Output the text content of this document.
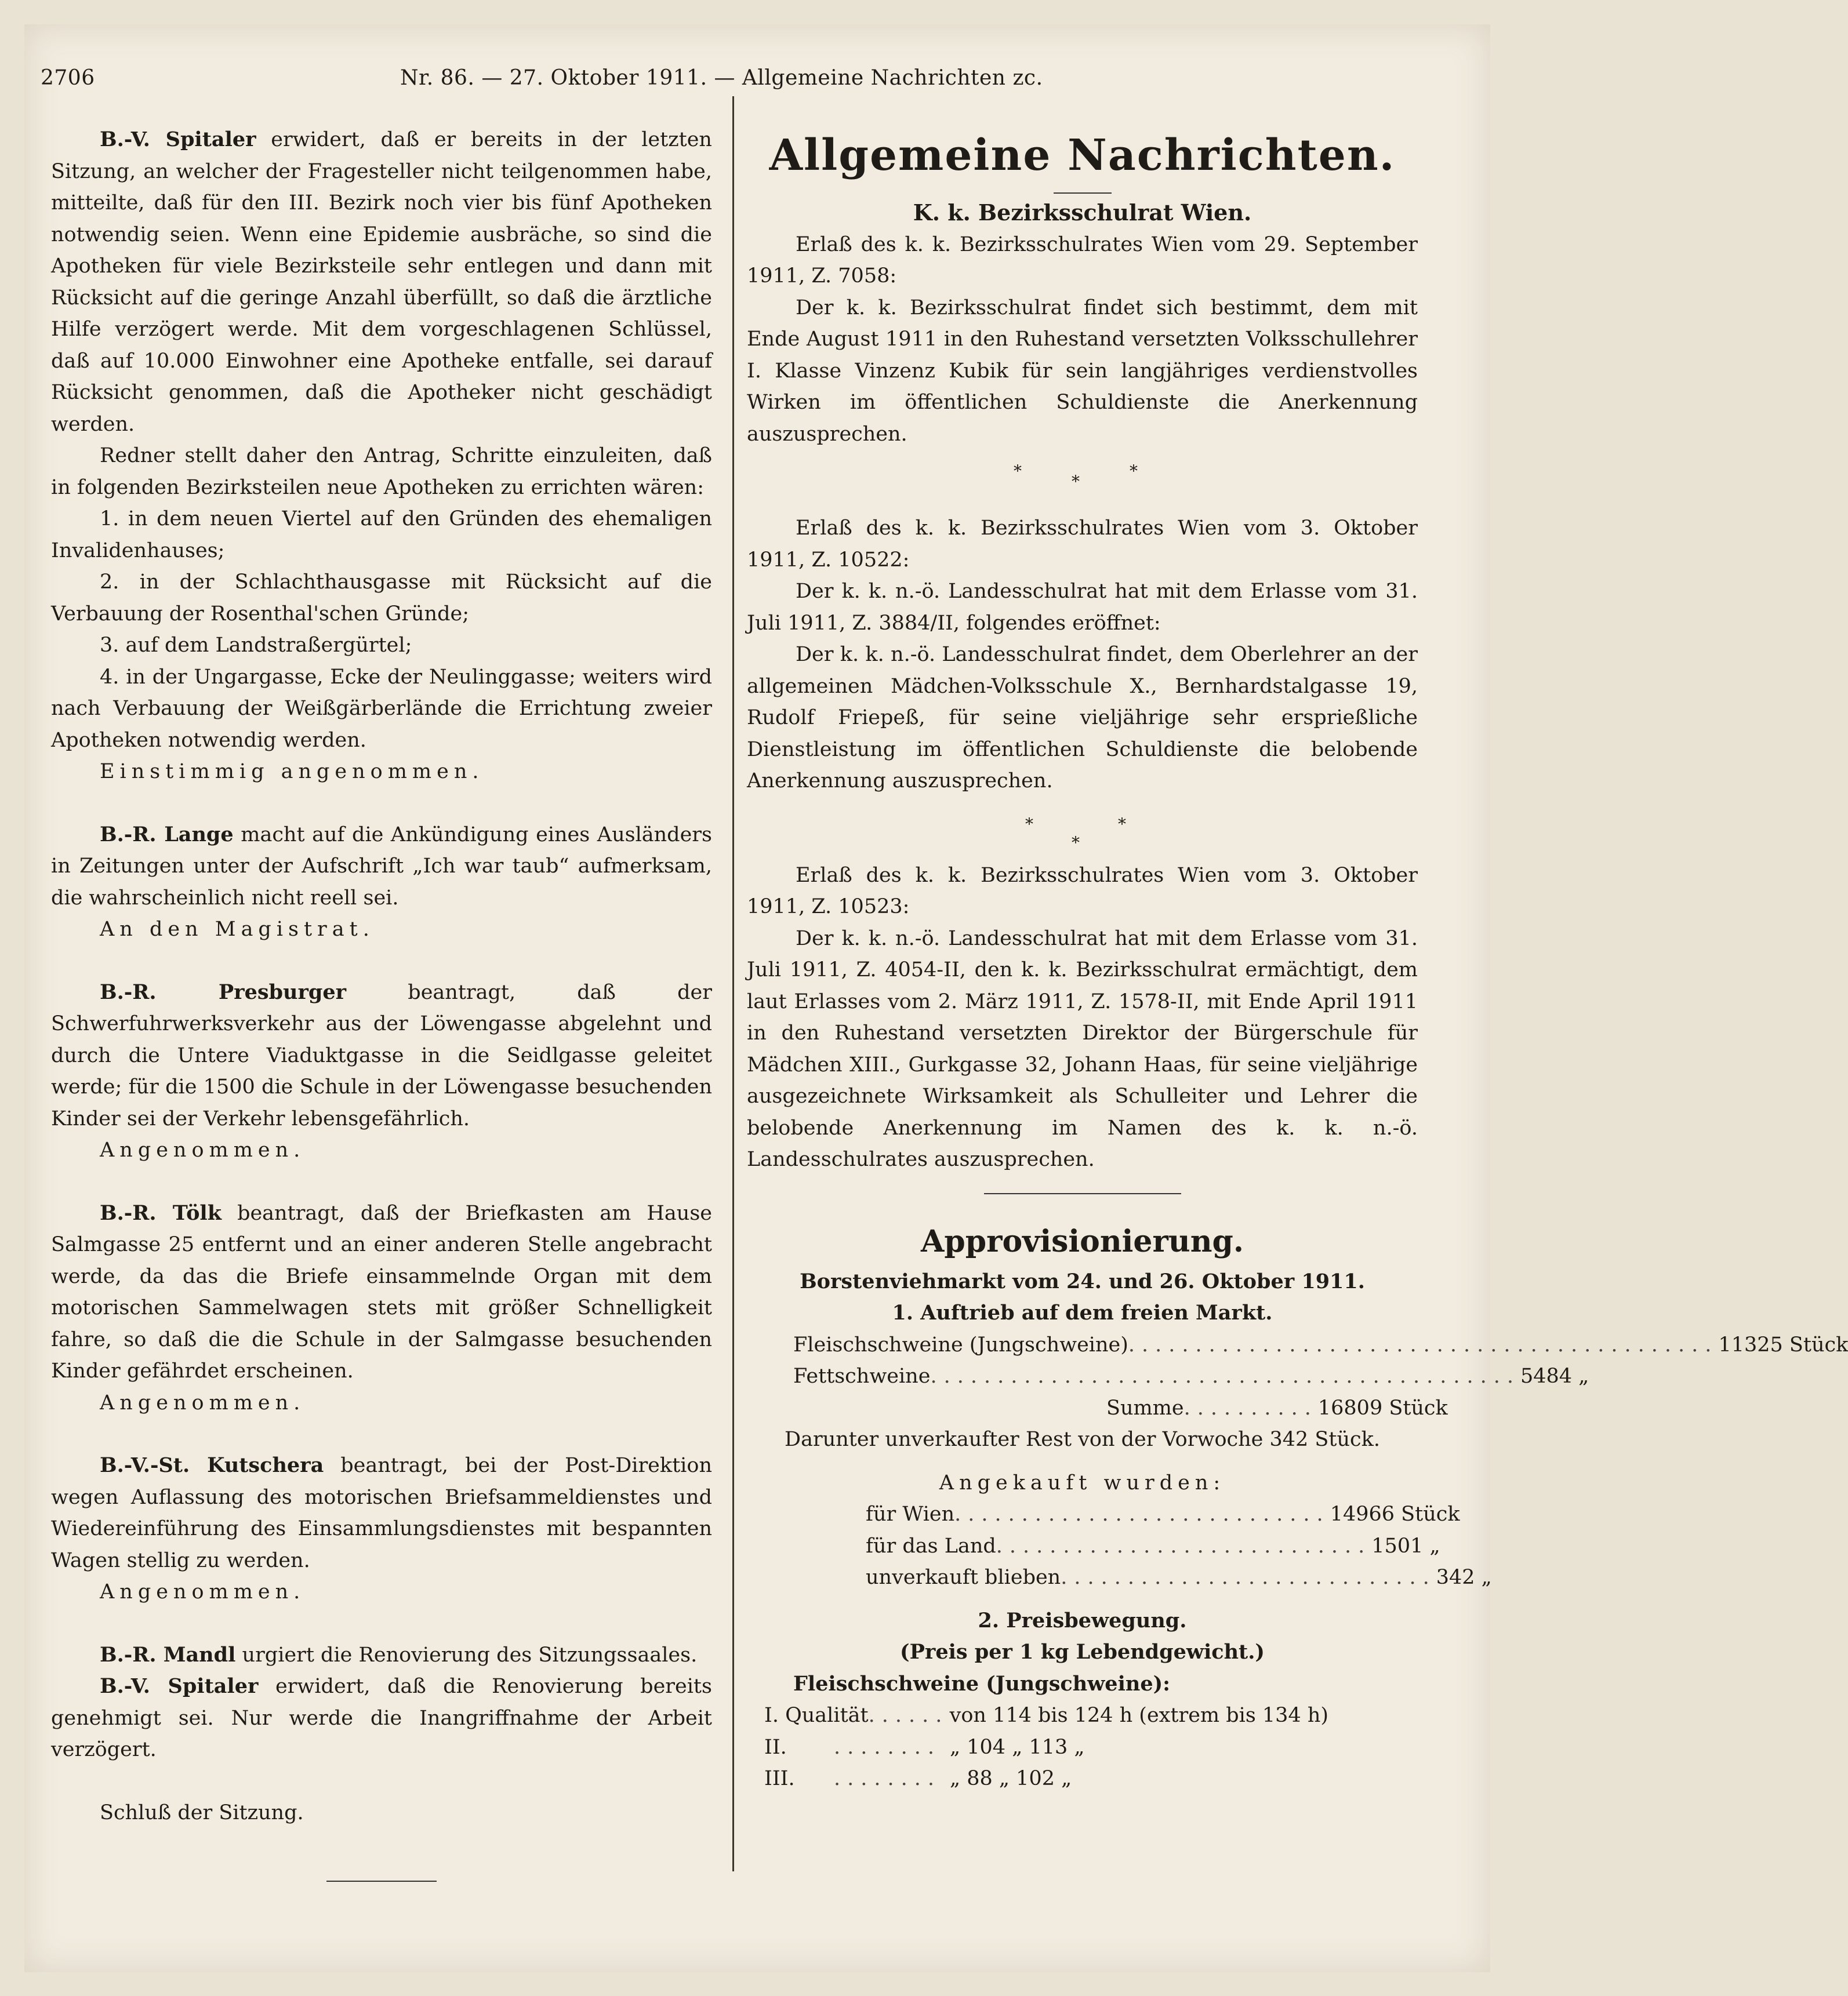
2706	Nr. 86. — 27. Oktober 1911. — Allgemeine Nachrichten zc.

B.-V. Spitaler erwidert, daß er bereits in der letzten Sitzung, an welcher der Fragesteller nicht teilgenommen habe, mitteilte, daß für den III. Bezirk noch vier bis fünf Apotheken notwendig seien. Wenn eine Epidemie ausbräche, so sind die Apotheken für viele Bezirksteile sehr entlegen und dann mit Rücksicht auf die geringe Anzahl überfüllt, so daß die ärztliche Hilfe verzögert werde. Mit dem vorgeschlagenen Schlüssel, daß auf 10.000 Einwohner eine Apotheke entfalle, sei darauf Rücksicht genommen, daß die Apotheker nicht geschädigt werden.

Redner stellt daher den Antrag, Schritte einzuleiten, daß in folgenden Bezirksteilen neue Apotheken zu errichten wären:

1. in dem neuen Viertel auf den Gründen des ehemaligen Invalidenhauses;

2. in der Schlachthausgasse mit Rücksicht auf die Verbauung der Rosenthal'schen Gründe;

3. auf dem Landstraßergürtel;

4. in der Ungargasse, Ecke der Neulinggasse; weiters wird nach Verbauung der Weißgärberlände die Errichtung zweier Apotheken notwendig werden.

Einstimmig angenommen.

B.-R. Lange macht auf die Ankündigung eines Ausländers in Zeitungen unter der Aufschrift „Ich war taub“ aufmerksam, die wahrscheinlich nicht reell sei.

An den Magistrat.

B.-R. Presburger	beantragt, daß der Schwerfuhrwerksverkehr aus der Löwengasse abgelehnt und durch die Untere Viaduktgasse in die Seidlgasse geleitet werde; für die 1500 die Schule in der Löwengasse besuchenden Kinder sei der Verkehr lebensgefährlich.

Angenommen.

B.-R. Tölk beantragt, daß der Briefkasten am Hause Salmgasse 25 entfernt und an einer anderen Stelle angebracht werde, da das die Briefe einsammelnde Organ mit dem motorischen Sammelwagen stets mit größer Schnelligkeit fahre, so daß die die Schule in der Salmgasse besuchenden Kinder gefährdet erscheinen.

Angenommen.

B.-V.-St. Kutschera beantragt, bei der Post-Direktion wegen Auflassung des motorischen Briefsammeldienstes und Wiedereinführung des Einsammlungsdienstes mit bespannten Wagen stellig zu werden.

Angenommen.

B.-R. Mandl urgiert die Renovierung des Sitzungssaales.

B.-V. Spitaler erwidert, daß die Renovierung bereits genehmigt sei. Nur werde die Inangriffnahme der Arbeit verzögert.

Schluß der Sitzung.

Allgemeine Nachrichten.
K. k. Bezirksschulrat Wien.

Erlaß des k. k. Bezirksschulrates Wien vom 29. September 1911, Z. 7058:

Der k. k. Bezirksschulrat findet sich bestimmt, dem mit Ende August 1911 in den Ruhestand versetzten Volksschullehrer I. Klasse Vinzenz Kubik für sein langjähriges verdienstvolles Wirken im öffentlichen Schuldienste die Anerkennung auszusprechen.

*
*
*

Erlaß des k. k. Bezirksschulrates Wien vom 3. Oktober 1911, Z. 10522:

Der k. k. n.-ö. Landesschulrat hat mit dem Erlasse vom 31. Juli 1911, Z. 3884/II, folgendes eröffnet:

Der k. k. n.-ö. Landesschulrat findet, dem Oberlehrer an der allgemeinen Mädchen-Volksschule X., Bernhardstalgasse 19, Rudolf Friepeß, für seine vieljährige sehr ersprießliche Dienstleistung im öffentlichen Schuldienste die belobende Anerkennung auszusprechen.

*	*
*

Erlaß des k. k. Bezirksschulrates Wien vom 3. Oktober 1911, Z. 10523:

Der k. k. n.-ö. Landesschulrat hat mit dem Erlasse vom 31. Juli 1911, Z. 4054-II, den k. k. Bezirksschulrat ermächtigt, dem laut Erlasses vom 2. März 1911, Z. 1578-II, mit Ende April 1911 in den Ruhestand versetzten Direktor der Bürgerschule für Mädchen XIII., Gurkgasse 32, Johann Haas, für seine vieljährige ausgezeichnete Wirksamkeit als Schulleiter und Lehrer die belobende Anerkennung im Namen des k. k. n.-ö. Landesschulrates auszusprechen.

Approvisionierung.
Borstenviehmarkt vom 24. und 26. Oktober 1911.
1. Auftrieb auf dem freien Markt.
Fleischschweine (Jungschweine) ............................................ 11325 Stück
Fettschweine ............................................ 5484 „
Summe .......... 16809 Stück
Darunter unverkaufter Rest von der Vorwoche 342 Stück.
Angekauft wurden:
für Wien ............................ 14966 Stück
für das Land ............................ 1501 „
unverkauft blieben ............................ 342 „
2. Preisbewegung.
(Preis per 1 kg Lebendgewicht.)
Fleischschweine (Jungschweine):
I. Qualität ...... von 114 bis 124 h (extrem bis 134 h)
II.	........ „ 104 „ 113 „
III.	........ „ 88 „ 102 „
